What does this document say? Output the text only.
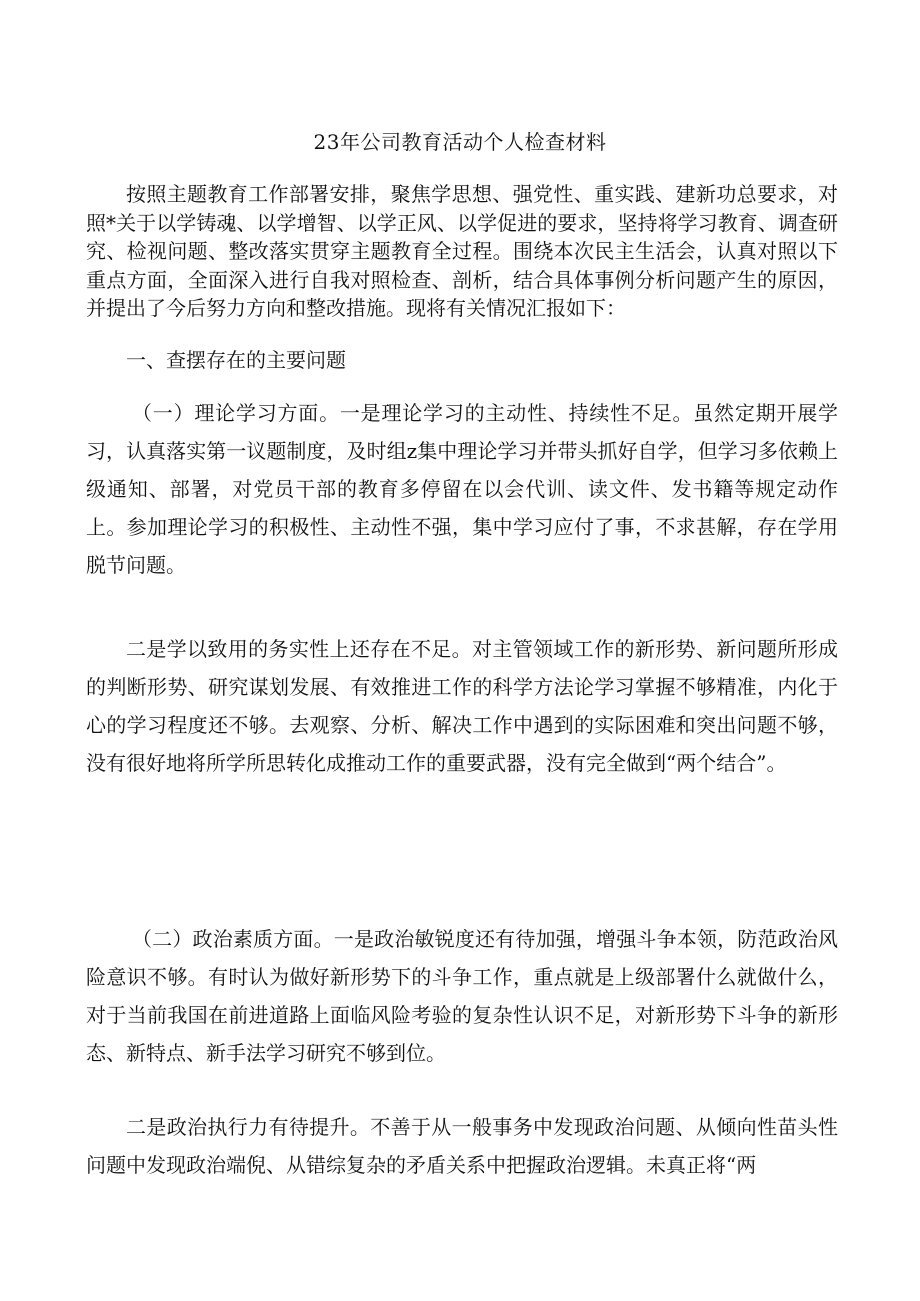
23年公司教育活动个人检查材料

按照主题教育工作部署安排，聚焦学思想、强党性、重实践、建新功总要求，对照*关于以学铸魂、以学增智、以学正风、以学促进的要求，坚持将学习教育、调查研究、检视问题、整改落实贯穿主题教育全过程。围绕本次民主生活会，认真对照以下重点方面，全面深入进行自我对照检查、剖析，结合具体事例分析问题产生的原因，并提出了今后努力方向和整改措施。现将有关情况汇报如下：

一、查摆存在的主要问题

（一）理论学习方面。一是理论学习的主动性、持续性不足。虽然定期开展学习，认真落实第一议题制度，及时组z集中理论学习并带头抓好自学，但学习多依赖上级通知、部署，对党员干部的教育多停留在以会代训、读文件、发书籍等规定动作上。参加理论学习的积极性、主动性不强，集中学习应付了事，不求甚解，存在学用脱节问题。

二是学以致用的务实性上还存在不足。对主管领域工作的新形势、新问题所形成的判断形势、研究谋划发展、有效推进工作的科学方法论学习掌握不够精准，内化于心的学习程度还不够。去观察、分析、解决工作中遇到的实际困难和突出问题不够，没有很好地将所学所思转化成推动工作的重要武器，没有完全做到“两个结合”。

（二）政治素质方面。一是政治敏锐度还有待加强，增强斗争本领，防范政治风险意识不够。有时认为做好新形势下的斗争工作，重点就是上级部署什么就做什么，对于当前我国在前进道路上面临风险考验的复杂性认识不足，对新形势下斗争的新形态、新特点、新手法学习研究不够到位。

二是政治执行力有待提升。不善于从一般事务中发现政治问题、从倾向性苗头性问题中发现政治端倪、从错综复杂的矛盾关系中把握政治逻辑。未真正将“两
